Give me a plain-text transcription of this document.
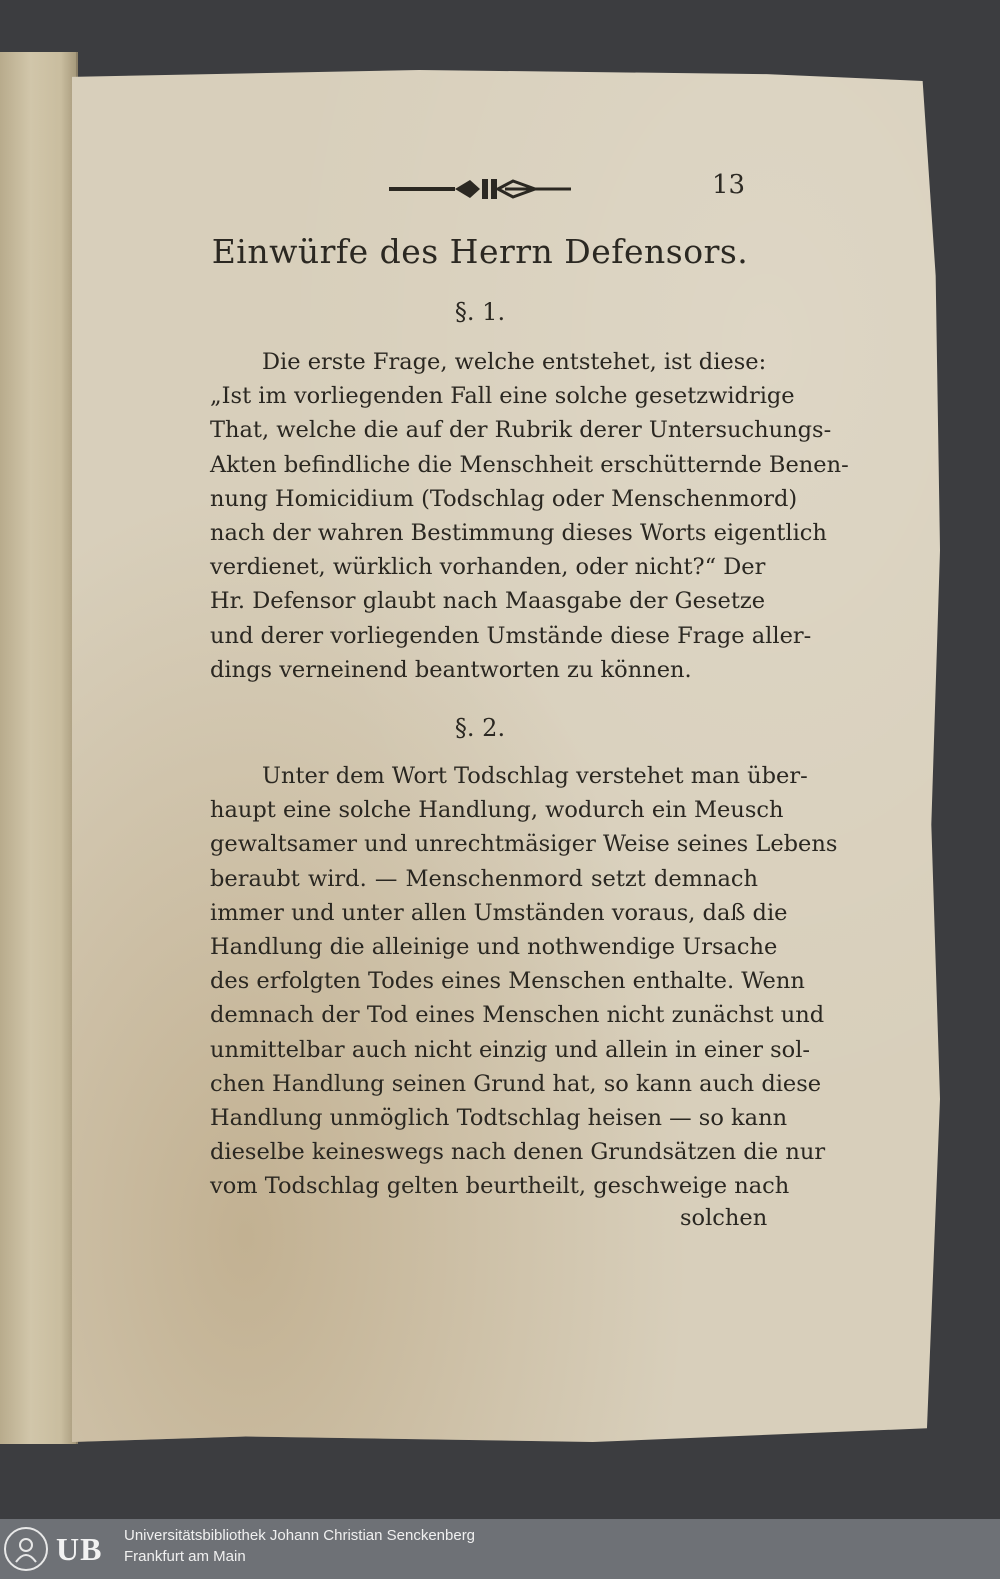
13
Einwürfe des Herrn Defensors.
§. 1.
Die erste Frage, welche entstehet, ist diese:
„Ist im vorliegenden Fall eine solche gesetzwidrige
That, welche die auf der Rubrik derer Untersuchungs-
Akten befindliche die Menschheit erschütternde Benen-
nung Homicidium (Todschlag oder Menschenmord)
nach der wahren Bestimmung dieses Worts eigentlich
verdienet, würklich vorhanden, oder nicht?“ Der
Hr. Defensor glaubt nach Maasgabe der Gesetze
und derer vorliegenden Umstände diese Frage aller-
dings verneinend beantworten zu können.
§. 2.
Unter dem Wort Todschlag verstehet man über-
haupt eine solche Handlung, wodurch ein Meusch
gewaltsamer und unrechtmäsiger Weise seines Lebens
beraubt wird. — Menschenmord setzt demnach
immer und unter allen Umständen voraus, daß die
Handlung die alleinige und nothwendige Ursache
des erfolgten Todes eines Menschen enthalte. Wenn
demnach der Tod eines Menschen nicht zunächst und
unmittelbar auch nicht einzig und allein in einer sol-
chen Handlung seinen Grund hat, so kann auch diese
Handlung unmöglich Todtschlag heisen — so kann
dieselbe keineswegs nach denen Grundsätzen die nur
vom Todschlag gelten beurtheilt, geschweige nach
solchen
UB Universitätsbibliothek Johann Christian Senckenberg
Frankfurt am Main
